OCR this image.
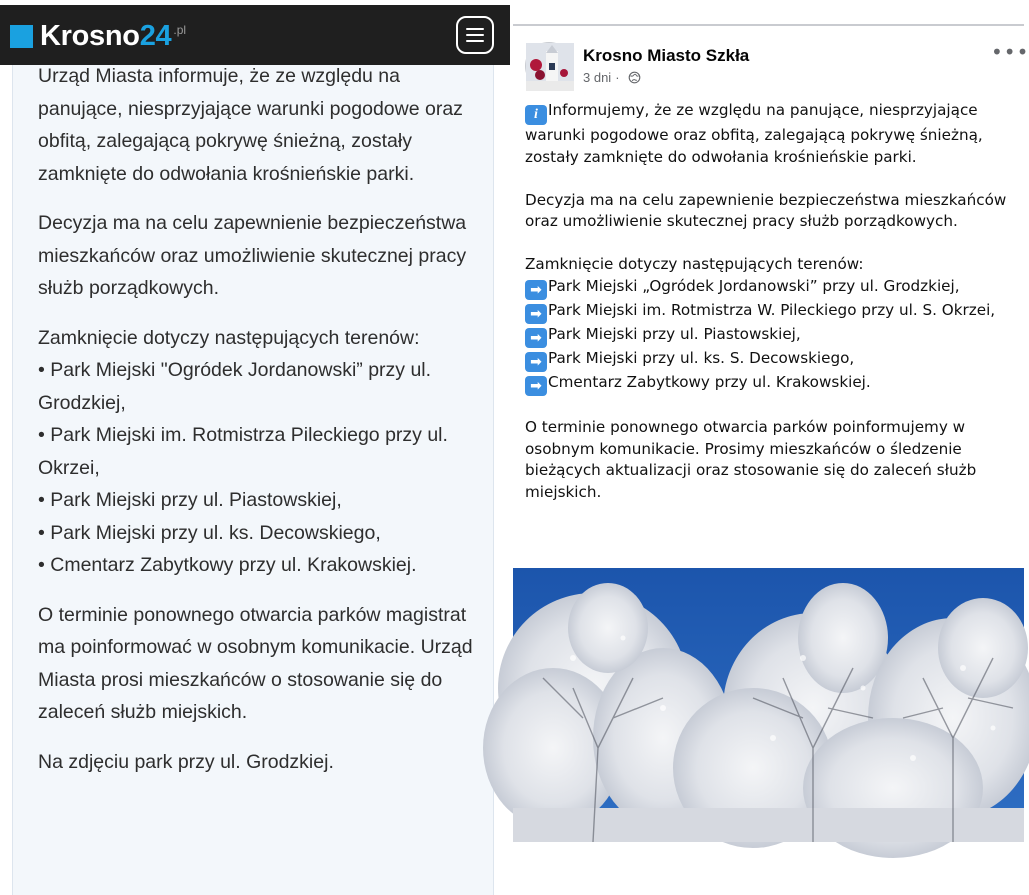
Krosno 24 .pl

Urząd Miasta informuje, że ze względu na panujące, niesprzyjające warunki pogodowe oraz obfitą, zalegającą pokrywę śnieżną, zostały zamknięte do odwołania krośnieńskie parki.

Decyzja ma na celu zapewnienie bezpieczeństwa mieszkańców oraz umożliwienie skutecznej pracy służb porządkowych.

Zamknięcie dotyczy następujących terenów:
• Park Miejski "Ogródek Jordanowski” przy ul. Grodzkiej,
• Park Miejski im. Rotmistrza Pileckiego przy ul. Okrzei,
• Park Miejski przy ul. Piastowskiej,
• Park Miejski przy ul. ks. Decowskiego,
• Cmentarz Zabytkowy przy ul. Krakowskiej.

O terminie ponownego otwarcia parków magistrat ma poinformować w osobnym komunikacie. Urząd Miasta prosi mieszkańców o stosowanie się do zaleceń służb miejskich.

Na zdjęciu park przy ul. Grodzkiej.

Krosno Miasto Szkła
3 dni ·
•••

i Informujemy, że ze względu na panujące, niesprzyjające warunki pogodowe oraz obfitą, zalegającą pokrywę śnieżną, zostały zamknięte do odwołania krośnieńskie parki.

Decyzja ma na celu zapewnienie bezpieczeństwa mieszkańców oraz umożliwienie skutecznej pracy służb porządkowych.

Zamknięcie dotyczy następujących terenów:
➡ Park Miejski „Ogródek Jordanowski” przy ul. Grodzkiej,
➡ Park Miejski im. Rotmistrza W. Pileckiego przy ul. S. Okrzei,
➡ Park Miejski przy ul. Piastowskiej,
➡ Park Miejski przy ul. ks. S. Decowskiego,
➡ Cmentarz Zabytkowy przy ul. Krakowskiej.

O terminie ponownego otwarcia parków poinformujemy w osobnym komunikacie. Prosimy mieszkańców o śledzenie bieżących aktualizacji oraz stosowanie się do zaleceń służb miejskich.
